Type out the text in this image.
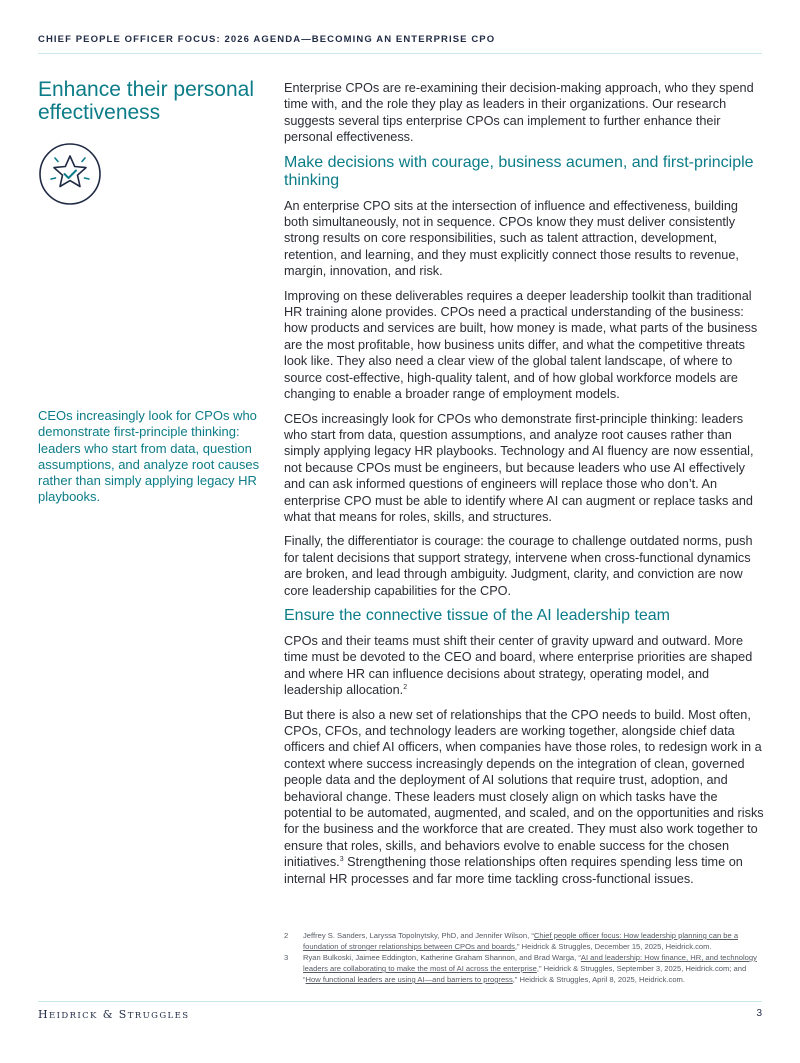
CHIEF PEOPLE OFFICER FOCUS: 2026 AGENDA—BECOMING AN ENTERPRISE CPO
Enhance their personal effectiveness
CEOs increasingly look for CPOs who demonstrate first-principle thinking: leaders who start from data, question assumptions, and analyze root causes rather than simply applying legacy HR playbooks.

Enterprise CPOs are re-examining their decision-making approach, who they spend time with, and the role they play as leaders in their organizations. Our research suggests several tips enterprise CPOs can implement to further enhance their personal effectiveness.

Make decisions with courage, business acumen, and first-principle thinking

An enterprise CPO sits at the intersection of influence and effectiveness, building both simultaneously, not in sequence. CPOs know they must deliver consistently strong results on core responsibilities, such as talent attraction, development, retention, and learning, and they must explicitly connect those results to revenue, margin, innovation, and risk.

Improving on these deliverables requires a deeper leadership toolkit than traditional HR training alone provides. CPOs need a practical understanding of the business: how products and services are built, how money is made, what parts of the business are the most profitable, how business units differ, and what the competitive threats look like. They also need a clear view of the global talent landscape, of where to source cost-effective, high-quality talent, and of how global workforce models are changing to enable a broader range of employment models.

CEOs increasingly look for CPOs who demonstrate first-principle thinking: leaders who start from data, question assumptions, and analyze root causes rather than simply applying legacy HR playbooks. Technology and AI fluency are now essential, not because CPOs must be engineers, but because leaders who use AI effectively and can ask informed questions of engineers will replace those who don’t. An enterprise CPO must be able to identify where AI can augment or replace tasks and what that means for roles, skills, and structures.

Finally, the differentiator is courage: the courage to challenge outdated norms, push for talent decisions that support strategy, intervene when cross-functional dynamics are broken, and lead through ambiguity. Judgment, clarity, and conviction are now core leadership capabilities for the CPO.

Ensure the connective tissue of the AI leadership team

CPOs and their teams must shift their center of gravity upward and outward. More time must be devoted to the CEO and board, where enterprise priorities are shaped and where HR can influence decisions about strategy, operating model, and leadership allocation.$^2$

But there is also a new set of relationships that the CPO needs to build. Most often, CPOs, CFOs, and technology leaders are working together, alongside chief data officers and chief AI officers, when companies have those roles, to redesign work in a context where success increasingly depends on the integration of clean, governed people data and the deployment of AI solutions that require trust, adoption, and behavioral change. These leaders must closely align on which tasks have the potential to be automated, augmented, and scaled, and on the opportunities and risks for the business and the workforce that are created. They must also work together to ensure that roles, skills, and behaviors evolve to enable success for the chosen initiatives.$^3$ Strengthening those relationships often requires spending less time on internal HR processes and far more time tackling cross-functional issues.

2	Jeffrey S. Sanders, Laryssa Topolnytsky, PhD, and Jennifer Wilson, “Chief people officer focus: How leadership planning can be a foundation of stronger relationships between CPOs and boards,” Heidrick & Struggles, December 15, 2025, Heidrick.com.
3	Ryan Bulkoski, Jaimee Eddington, Katherine Graham Shannon, and Brad Warga, “AI and leadership: How finance, HR, and technology leaders are collaborating to make the most of AI across the enterprise,” Heidrick & Struggles, September 3, 2025, Heidrick.com; and “How functional leaders are using AI—and barriers to progress,” Heidrick & Struggles, April 8, 2025, Heidrick.com.
HEIDRICK & STRUGGLES	3
